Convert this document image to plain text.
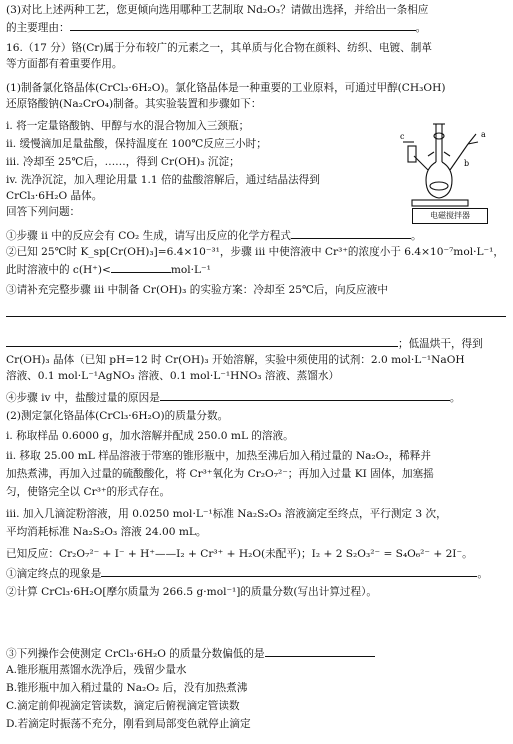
(3)对比上述两种工艺，您更倾向选用哪种工艺制取 Nd₂O₃？请做出选择，并给出一条相应
的主要理由：	。
16.（17 分）铬(Cr)属于分布较广的元素之一，其单质与化合物在颜料、纺织、电镀、制革
等方面都有着重要作用。
(1)制备氯化铬晶体(CrCl₃·6H₂O)。氯化铬晶体是一种重要的工业原料，可通过甲醇(CH₃OH)
还原铬酸钠(Na₂CrO₄)制备。其实验装置和步骤如下：
i. 将一定量铬酸钠、甲醇与水的混合物加入三颈瓶；
ii. 缓慢滴加足量盐酸，保持温度在 100℃反应三小时；
iii. 冷却至 25℃后，……，得到 Cr(OH)₃ 沉淀；
iv. 洗净沉淀，加入理论用量 1.1 倍的盐酸溶解后，通过结晶法得到
CrCl₃·6H₂O 晶体。
回答下列问题：
a
b
c
电磁搅拌器
①步骤 ii 中的反应会有 CO₂ 生成，请写出反应的化学方程式	。
②已知 25℃时 K_sp[Cr(OH)₃]=6.4×10⁻³¹，步骤 iii 中使溶液中 Cr³⁺的浓度小于 6.4×10⁻⁷mol·L⁻¹，
此时溶液中的 c(H⁺)<	mol·L⁻¹
③请补充完整步骤 iii 中制备 Cr(OH)₃ 的实验方案：冷却至 25℃后，向反应液中
；低温烘干，得到
Cr(OH)₃ 晶体（已知 pH=12 时 Cr(OH)₃ 开始溶解，实验中须使用的试剂：2.0 mol·L⁻¹NaOH
溶液、0.1 mol·L⁻¹AgNO₃ 溶液、0.1 mol·L⁻¹HNO₃ 溶液、蒸馏水）
④步骤 iv 中，盐酸过量的原因是	。
(2)测定氯化铬晶体(CrCl₃·6H₂O)的质量分数。
i. 称取样品 0.6000 g，加水溶解并配成 250.0 mL 的溶液。
ii. 移取 25.00 mL 样品溶液于带塞的锥形瓶中，加热至沸后加入稍过量的 Na₂O₂，稀释并
加热煮沸，再加入过量的硫酸酸化，将 Cr³⁺氧化为 Cr₂O₇²⁻；再加入过量 KI 固体，加塞摇
匀，使铬完全以 Cr³⁺的形式存在。
iii. 加入几滴淀粉溶液，用 0.0250 mol·L⁻¹标准 Na₂S₂O₃ 溶液滴定至终点，平行测定 3 次，
平均消耗标准 Na₂S₂O₃ 溶液 24.00 mL。
已知反应：Cr₂O₇²⁻ + I⁻ + H⁺——I₂ + Cr³⁺ + H₂O(未配平)；I₂ + 2 S₂O₃²⁻ = S₄O₆²⁻ + 2I⁻。
①滴定终点的现象是	。
②计算 CrCl₃·6H₂O[摩尔质量为 266.5 g·mol⁻¹]的质量分数(写出计算过程）。
③下列操作会使测定 CrCl₃·6H₂O 的质量分数偏低的是
A.锥形瓶用蒸馏水洗净后，残留少量水
B.锥形瓶中加入稍过量的 Na₂O₂ 后，没有加热煮沸
C.滴定前仰视滴定管读数，滴定后俯视滴定管读数
D.若滴定时振荡不充分，刚看到局部变色就停止滴定
